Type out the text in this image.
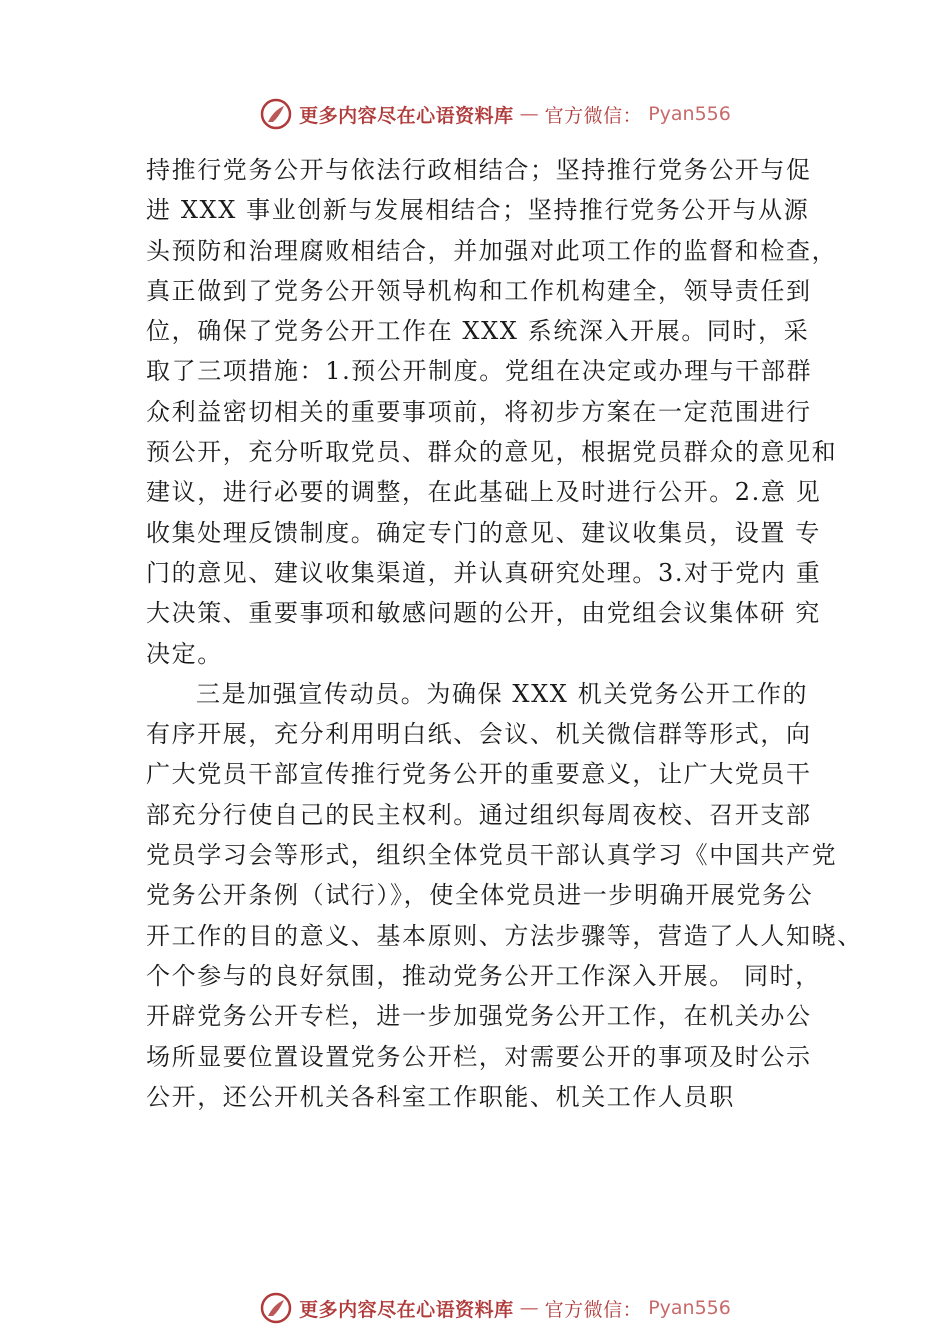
更多内容尽在心语资料库 — 官方微信： Pyan556
持推行党务公开与依法行政相结合；坚持推行党务公开与促
进 XXX 事业创新与发展相结合；坚持推行党务公开与从源
头预防和治理腐败相结合，并加强对此项工作的监督和检查，
真正做到了党务公开领导机构和工作机构建全，领导责任到
位，确保了党务公开工作在 XXX 系统深入开展。同时，采
取了三项措施：1.预公开制度。党组在决定或办理与干部群
众利益密切相关的重要事项前，将初步方案在一定范围进行
预公开，充分听取党员、群众的意见，根据党员群众的意见和
建议，进行必要的调整，在此基础上及时进行公开。2.意 见
收集处理反馈制度。确定专门的意见、建议收集员，设置 专
门的意见、建议收集渠道，并认真研究处理。3.对于党内 重
大决策、重要事项和敏感问题的公开，由党组会议集体研 究
决定。
三是加强宣传动员。为确保 XXX 机关党务公开工作的
有序开展，充分利用明白纸、会议、机关微信群等形式，向
广大党员干部宣传推行党务公开的重要意义，让广大党员干
部充分行使自己的民主权利。通过组织每周夜校、召开支部
党员学习会等形式，组织全体党员干部认真学习《中国共产党
党务公开条例（试行）》，使全体党员进一步明确开展党务公
开工作的目的意义、基本原则、方法步骤等，营造了人人知晓、
个个参与的良好氛围，推动党务公开工作深入开展。 同时，
开辟党务公开专栏，进一步加强党务公开工作，在机关办公
场所显要位置设置党务公开栏，对需要公开的事项及时公示
公开，还公开机关各科室工作职能、机关工作人员职
更多内容尽在心语资料库 — 官方微信： Pyan556
